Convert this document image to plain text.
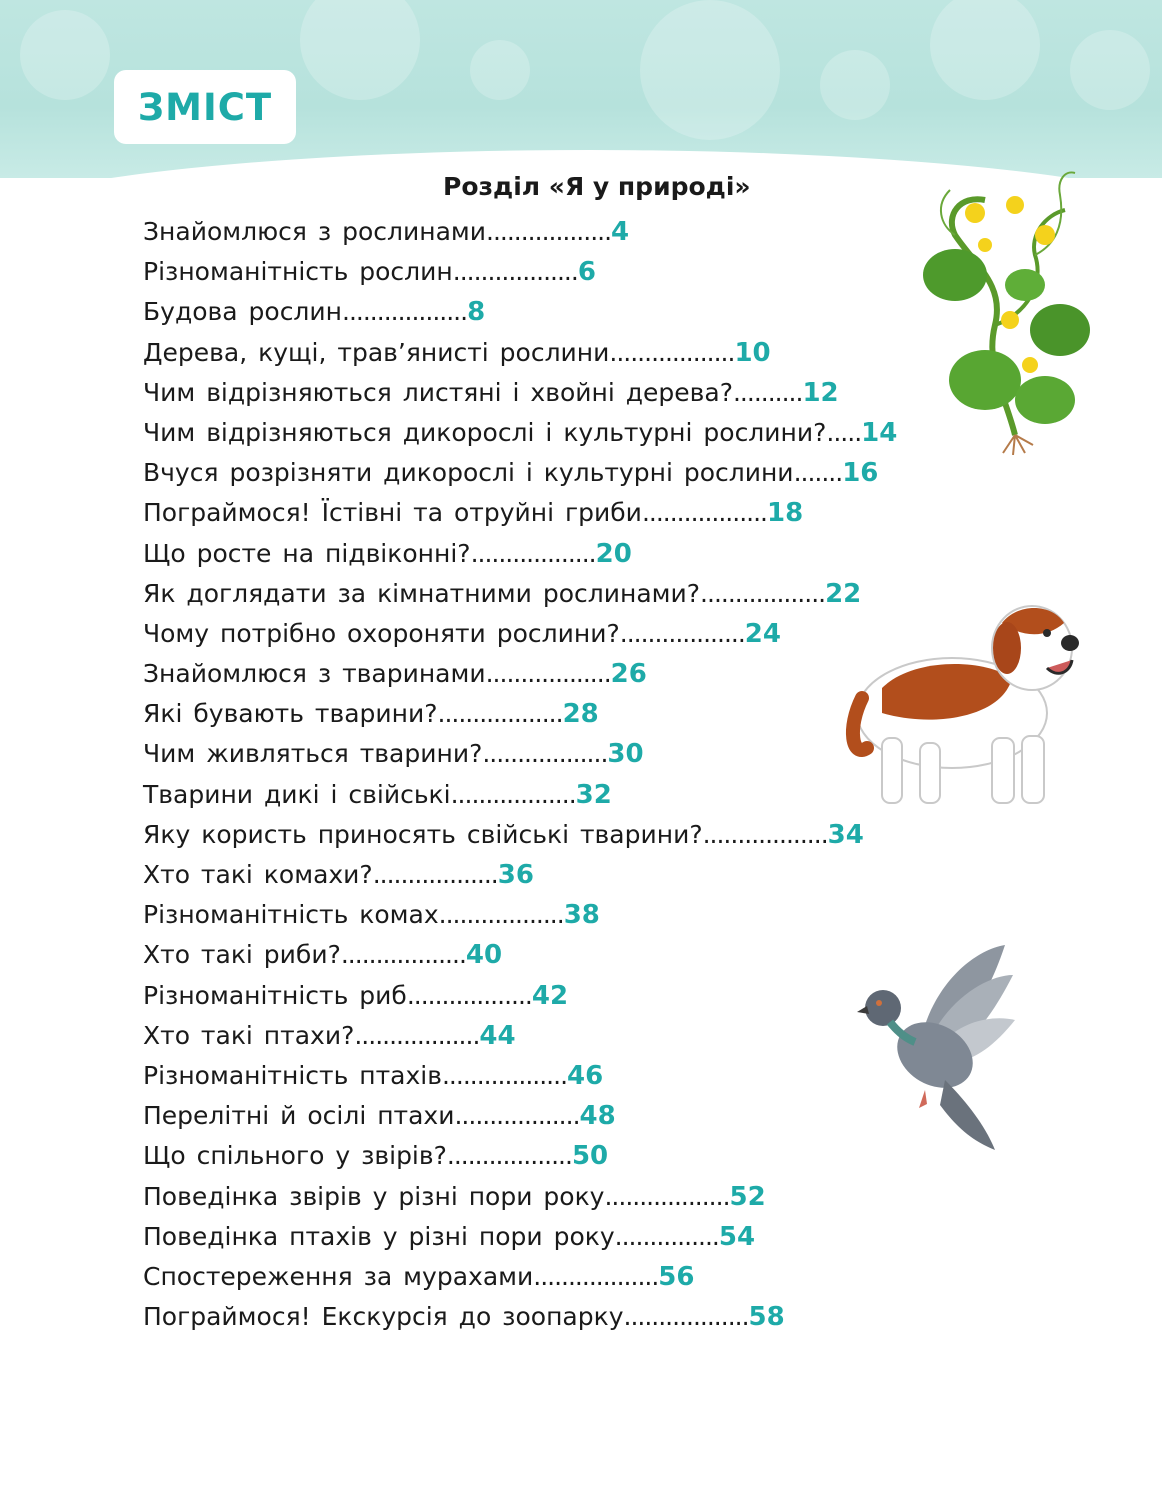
ЗМІСТ
Розділ «Я у природі»
Знайомлюся з рослинами..................4
Різноманітність рослин..................6
Будова рослин..................8
Дерева, кущі, трав’янисті рослини..................10
Чим відрізняються листяні і хвойні дерева?..........12
Чим відрізняються дикорослі і культурні рослини?.....14
Вчуся розрізняти дикорослі і культурні рослини.......16
Пограймося! Їстівні та отруйні гриби..................18
Що росте на підвіконні?..................20
Як доглядати за кімнатними рослинами?..................22
Чому потрібно охороняти рослини?..................24
Знайомлюся з тваринами..................26
Які бувають тварини?..................28
Чим живляться тварини?..................30
Тварини дикі і свійські..................32
Яку користь приносять свійські тварини?..................34
Хто такі комахи?..................36
Різноманітність комах..................38
Хто такі риби?..................40
Різноманітність риб..................42
Хто такі птахи?..................44
Різноманітність птахів..................46
Перелітні й осілі птахи..................48
Що спільного у звірів?..................50
Поведінка звірів у різні пори року..................52
Поведінка птахів у різні пори року...............54
Спостереження за мурахами..................56
Пограймося! Екскурсія до зоопарку..................58
